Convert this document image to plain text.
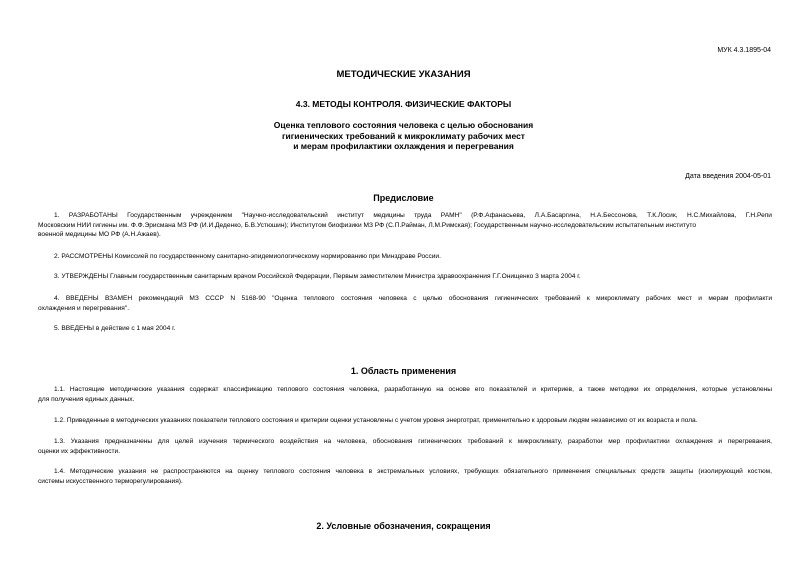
МУК 4.3.1895-04
МЕТОДИЧЕСКИЕ УКАЗАНИЯ
4.3. МЕТОДЫ КОНТРОЛЯ. ФИЗИЧЕСКИЕ ФАКТОРЫ
Оценка теплового состояния человека с целью обоснования
гигиенических требований к микроклимату рабочих мест
и мерам профилактики охлаждения и перегревания
Дата введения 2004-05-01
Предисловие
1. РАЗРАБОТАНЫ Государственным учреждением "Научно-исследовательский институт медицины труда РАМН" (Р.Ф.Афанасьева, Л.А.Басаргина, Н.А.Бессонова, Т.К.Лосик, Н.С.Михайлова, Г.Н.Репи
Московским НИИ гигиены им. Ф.Ф.Эрисмана МЗ РФ (И.И.Деденко, Б.В.Устюшин); Институтом биофизики МЗ РФ (С.П.Райман, Л.М.Римская); Государственным научно-исследовательским испытательным институто
военной медицины МО РФ (А.Н.Ажаев).
2. РАССМОТРЕНЫ Комиссией по государственному санитарно-эпидемиологическому нормированию при Минздраве России.
3. УТВЕРЖДЕНЫ Главным государственным санитарным врачом Российской Федерации, Первым заместителем Министра здравоохранения Г.Г.Онищенко 3 марта 2004 г.
4. ВВЕДЕНЫ ВЗАМЕН рекомендаций МЗ СССР N 5168-90 "Оценка теплового состояния человека с целью обоснования гигиенических требований к микроклимату рабочих мест и мерам профилакти
охлаждения и перегревания".
5. ВВЕДЕНЫ в действие с 1 мая 2004 г.
1. Область применения
1.1. Настоящие методические указания содержат классификацию теплового состояния человека, разработанную на основе его показателей и критериев, а также методики их определения, которые установлены
для получения единых данных.
1.2. Приведенные в методических указаниях показатели теплового состояния и критерии оценки установлены с учетом уровня энерготрат, применительно к здоровым людям независимо от их возраста и пола.
1.3. Указания предназначены для целей изучения термического воздействия на человека, обоснования гигиенических требований к микроклимату, разработки мер профилактики охлаждения и перегревания,
оценки их эффективности.
1.4. Методические указания не распространяются на оценку теплового состояния человека в экстремальных условиях, требующих обязательного применения специальных средств защиты (изолирующий костюм,
системы искусственного терморегулирования).
2. Условные обозначения, сокращения
